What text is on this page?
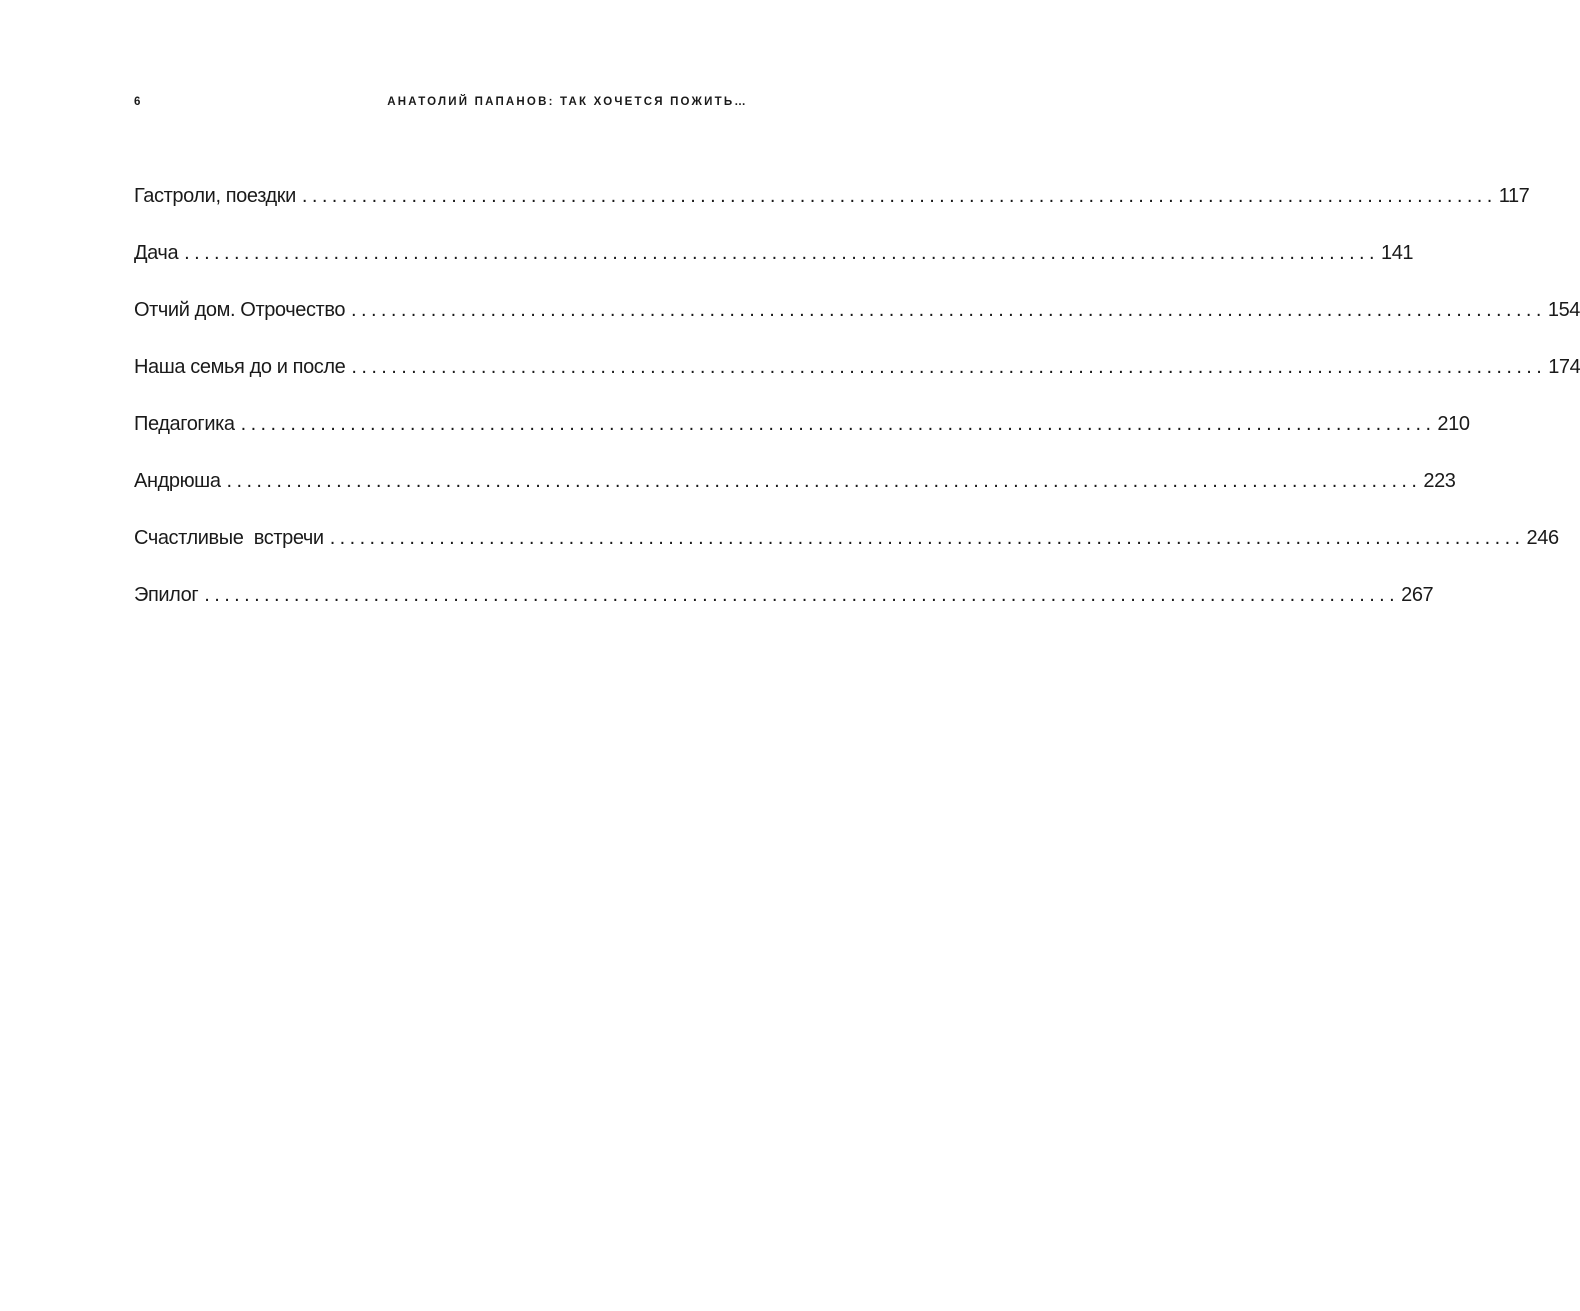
6	АНАТОЛИЙ ПАПАНОВ: ТАК ХОЧЕТСЯ ПОЖИТЬ…
Гастроли, поездки ........................................................................................................................ 117
Дача ........................................................................................................................ 141
Отчий дом. Отрочество ........................................................................................................................ 154
Наша семья до и после ........................................................................................................................ 174
Педагогика ........................................................................................................................ 210
Андрюша ........................................................................................................................ 223
Счастливые  встречи ........................................................................................................................ 246
Эпилог ........................................................................................................................ 267
